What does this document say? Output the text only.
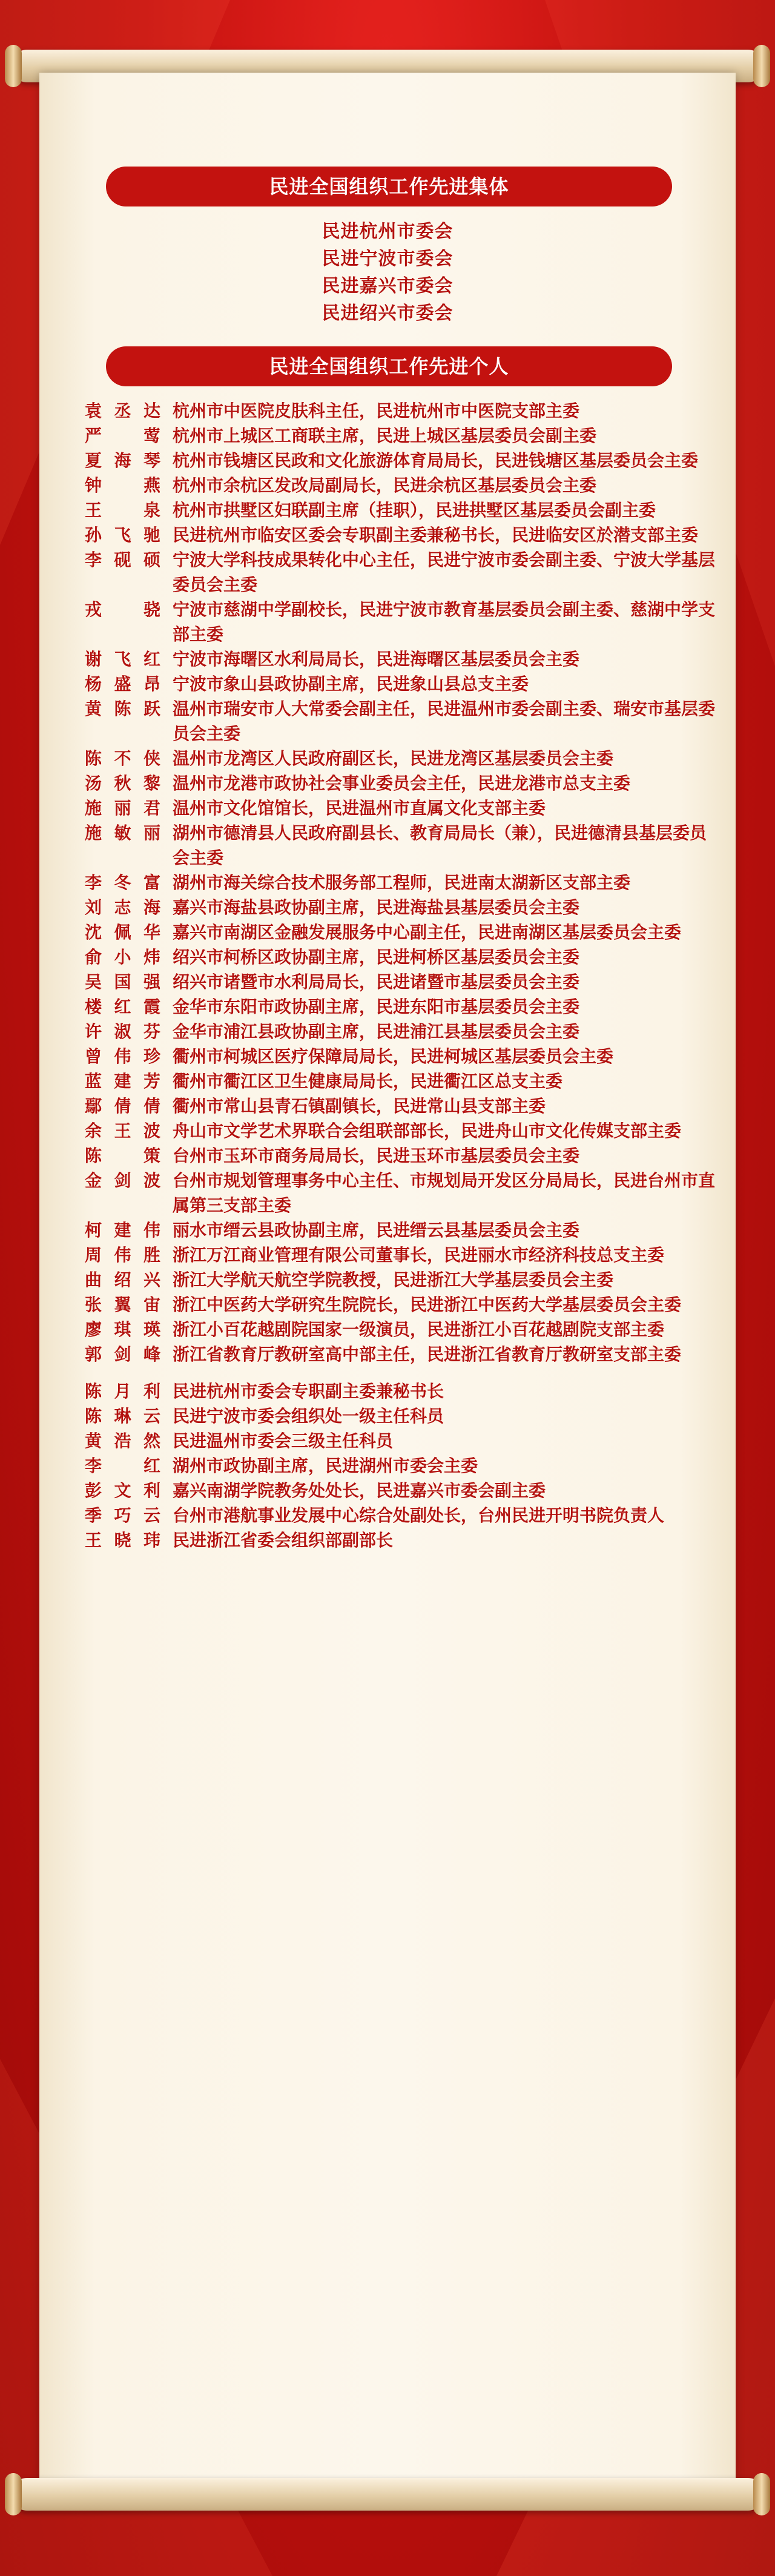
民进全国组织工作先进集体
民进杭州市委会
民进宁波市委会
民进嘉兴市委会
民进绍兴市委会
民进全国组织工作先进个人
袁丞达 杭州市中医院皮肤科主任，民进杭州市中医院支部主委
严　莺 杭州市上城区工商联主席，民进上城区基层委员会副主委
夏海琴 杭州市钱塘区民政和文化旅游体育局局长，民进钱塘区基层委员会主委
钟　燕 杭州市余杭区发改局副局长，民进余杭区基层委员会主委
王　泉 杭州市拱墅区妇联副主席（挂职），民进拱墅区基层委员会副主委
孙飞驰 民进杭州市临安区委会专职副主委兼秘书长，民进临安区於潜支部主委
李砚硕 宁波大学科技成果转化中心主任，民进宁波市委会副主委、宁波大学基层委员会主委
戎　骁 宁波市慈湖中学副校长，民进宁波市教育基层委员会副主委、慈湖中学支部主委
谢飞红 宁波市海曙区水利局局长，民进海曙区基层委员会主委
杨盛昂 宁波市象山县政协副主席，民进象山县总支主委
黄陈跃 温州市瑞安市人大常委会副主任，民进温州市委会副主委、瑞安市基层委员会主委
陈不侠 温州市龙湾区人民政府副区长，民进龙湾区基层委员会主委
汤秋黎 温州市龙港市政协社会事业委员会主任，民进龙港市总支主委
施丽君 温州市文化馆馆长，民进温州市直属文化支部主委
施敏丽 湖州市德清县人民政府副县长、教育局局长（兼），民进德清县基层委员会主委
李冬富 湖州市海关综合技术服务部工程师，民进南太湖新区支部主委
刘志海 嘉兴市海盐县政协副主席，民进海盐县基层委员会主委
沈佩华 嘉兴市南湖区金融发展服务中心副主任，民进南湖区基层委员会主委
俞小炜 绍兴市柯桥区政协副主席，民进柯桥区基层委员会主委
吴国强 绍兴市诸暨市水利局局长，民进诸暨市基层委员会主委
楼红霞 金华市东阳市政协副主席，民进东阳市基层委员会主委
许淑芬 金华市浦江县政协副主席，民进浦江县基层委员会主委
曾伟珍 衢州市柯城区医疗保障局局长，民进柯城区基层委员会主委
蓝建芳 衢州市衢江区卫生健康局局长，民进衢江区总支主委
鄢倩倩 衢州市常山县青石镇副镇长，民进常山县支部主委
余王波 舟山市文学艺术界联合会组联部部长，民进舟山市文化传媒支部主委
陈　策 台州市玉环市商务局局长，民进玉环市基层委员会主委
金剑波 台州市规划管理事务中心主任、市规划局开发区分局局长，民进台州市直属第三支部主委
柯建伟 丽水市缙云县政协副主席，民进缙云县基层委员会主委
周伟胜 浙江万江商业管理有限公司董事长，民进丽水市经济科技总支主委
曲绍兴 浙江大学航天航空学院教授，民进浙江大学基层委员会主委
张翼宙 浙江中医药大学研究生院院长，民进浙江中医药大学基层委员会主委
廖琪瑛 浙江小百花越剧院国家一级演员，民进浙江小百花越剧院支部主委
郭剑峰 浙江省教育厅教研室高中部主任，民进浙江省教育厅教研室支部主委
陈月利 民进杭州市委会专职副主委兼秘书长
陈琳云 民进宁波市委会组织处一级主任科员
黄浩然 民进温州市委会三级主任科员
李　红 湖州市政协副主席，民进湖州市委会主委
彭文利 嘉兴南湖学院教务处处长，民进嘉兴市委会副主委
季巧云 台州市港航事业发展中心综合处副处长，台州民进开明书院负责人
王晓玮 民进浙江省委会组织部副部长
